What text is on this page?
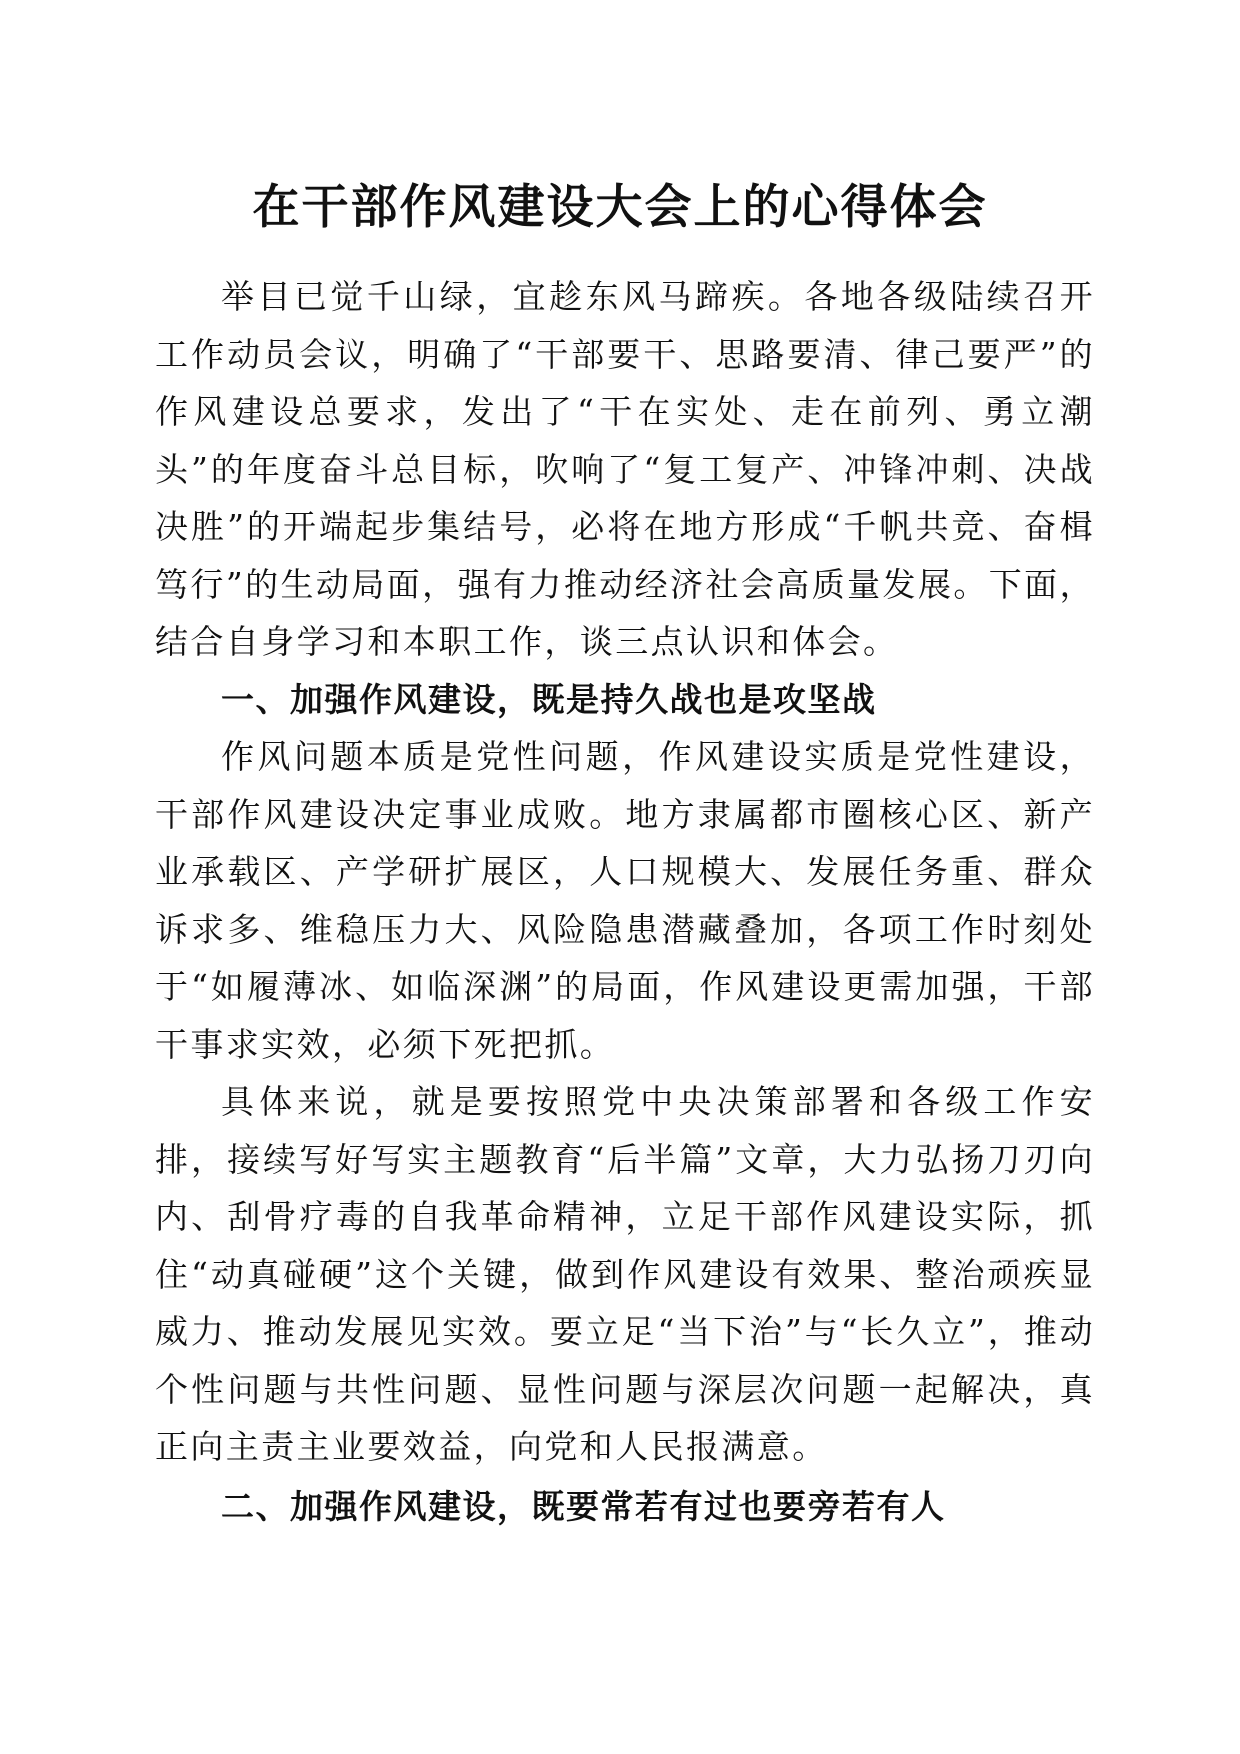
在干部作风建设大会上的心得体会

举目已觉千山绿，宜趁东风马蹄疾。各地各级陆续召开工作动员会议，明确了“干部要干、思路要清、律己要严”的作风建设总要求，发出了“干在实处、走在前列、勇立潮头”的年度奋斗总目标，吹响了“复工复产、冲锋冲刺、决战决胜”的开端起步集结号，必将在地方形成“千帆共竞、奋楫笃行”的生动局面，强有力推动经济社会高质量发展。下面，结合自身学习和本职工作，谈三点认识和体会。

一、加强作风建设，既是持久战也是攻坚战

作风问题本质是党性问题，作风建设实质是党性建设，干部作风建设决定事业成败。地方隶属都市圈核心区、新产业承载区、产学研扩展区，人口规模大、发展任务重、群众诉求多、维稳压力大、风险隐患潜藏叠加，各项工作时刻处于“如履薄冰、如临深渊”的局面，作风建设更需加强，干部干事求实效，必须下死把抓。

具体来说，就是要按照党中央决策部署和各级工作安排，接续写好写实主题教育“后半篇”文章，大力弘扬刀刃向内、刮骨疗毒的自我革命精神，立足干部作风建设实际，抓住“动真碰硬”这个关键，做到作风建设有效果、整治顽疾显威力、推动发展见实效。要立足“当下治”与“长久立”，推动个性问题与共性问题、显性问题与深层次问题一起解决，真正向主责主业要效益，向党和人民报满意。

二、加强作风建设，既要常若有过也要旁若有人
